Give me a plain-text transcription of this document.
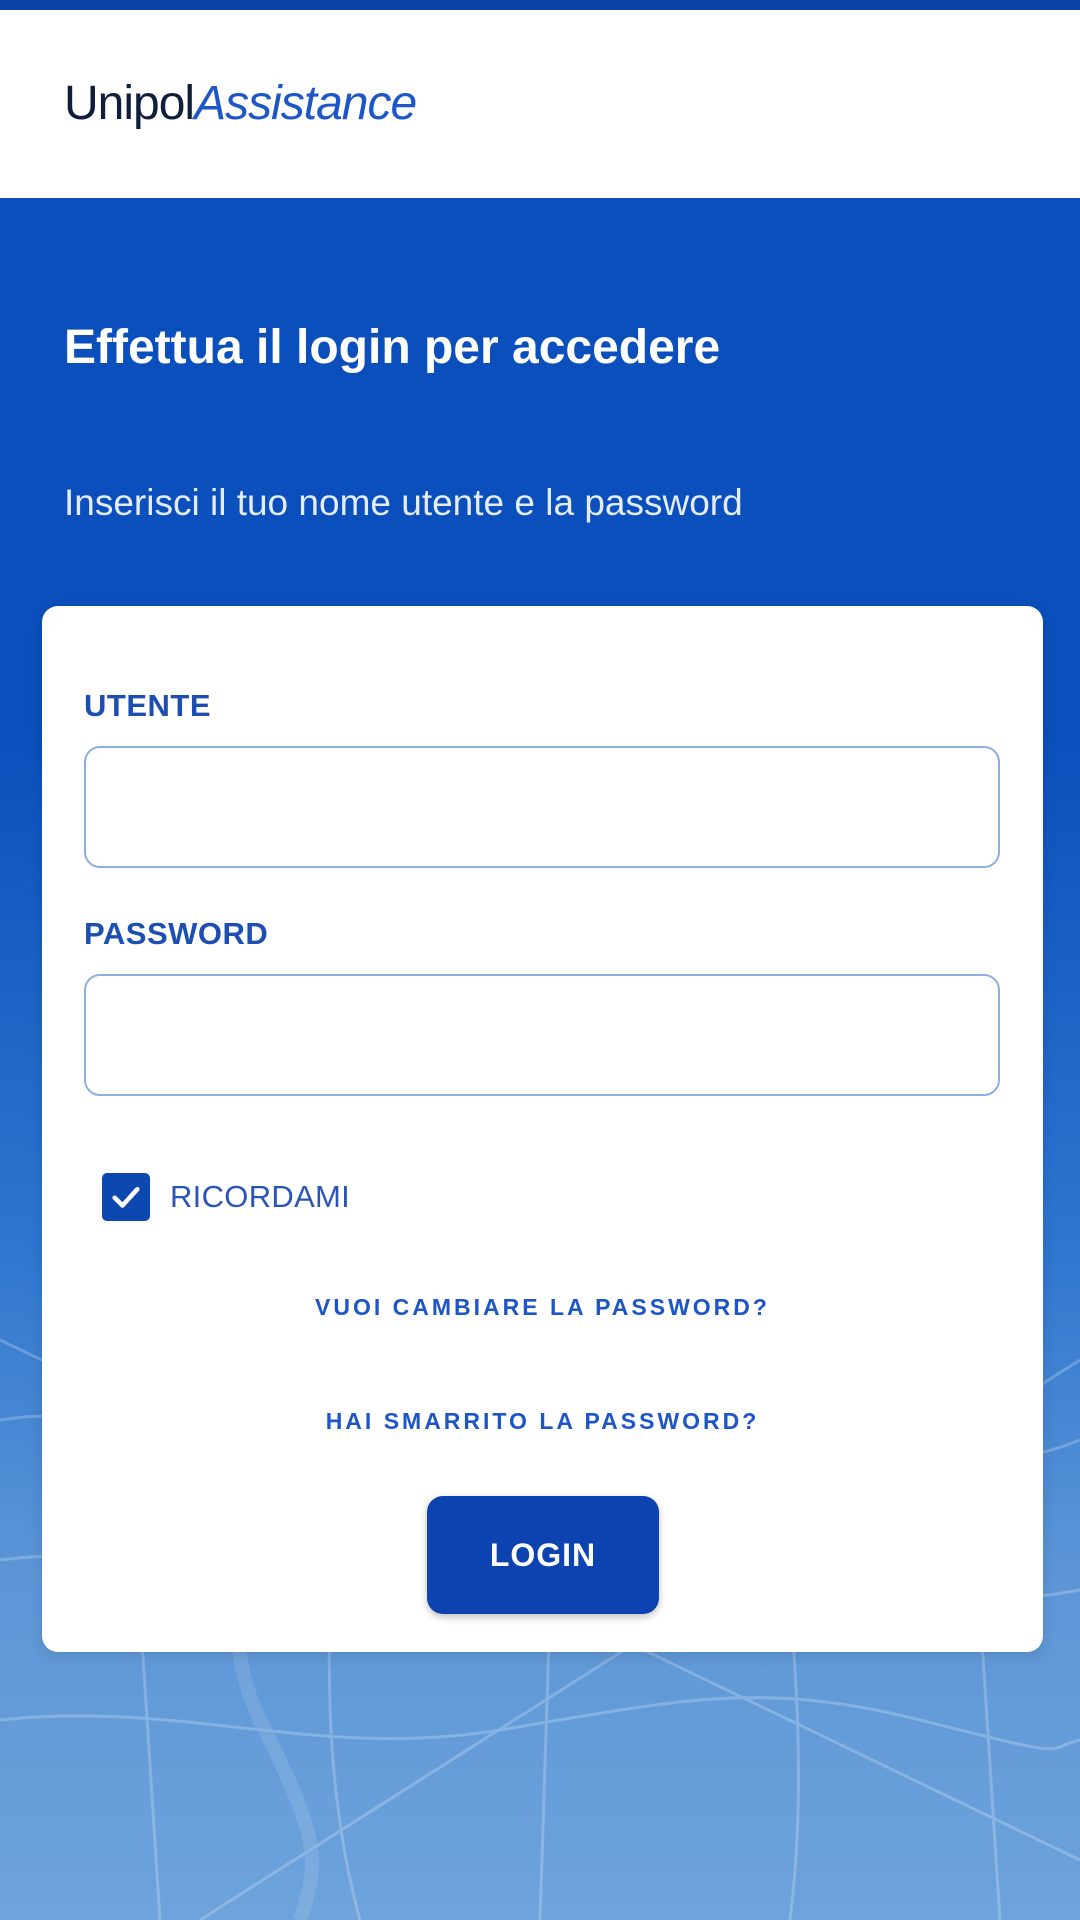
UnipolAssistance
Effettua il login per accedere

Inserisci il tuo nome utente e la password

UTENTE
PASSWORD
RICORDAMI
VUOI CAMBIARE LA PASSWORD?
HAI SMARRITO LA PASSWORD?
LOGIN
